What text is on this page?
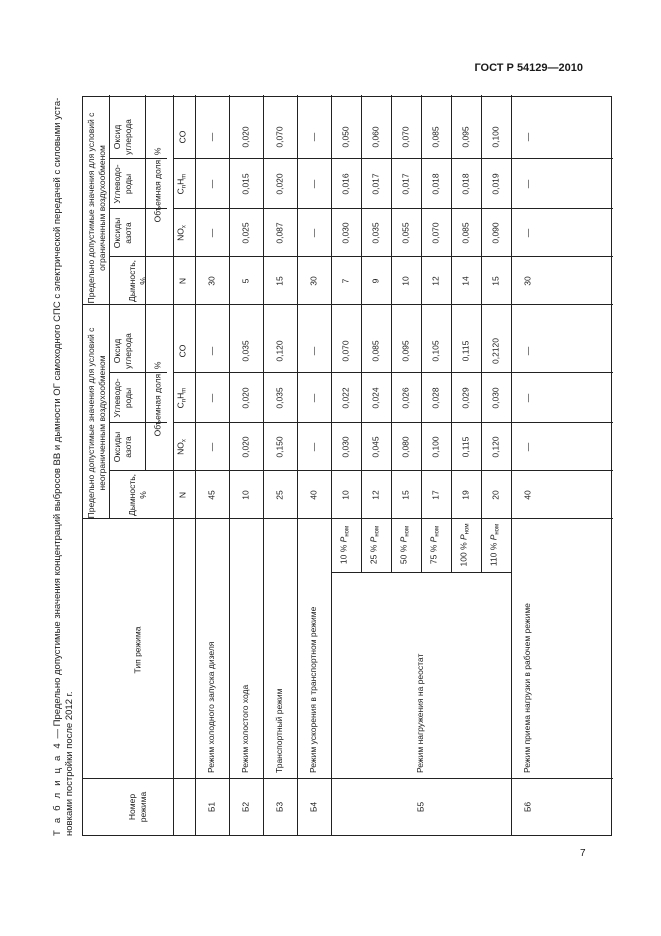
ГОСТ Р 54129—2010
7
Т а б л и ц а 4 — Предельно допустимые значения концентраций выбросов ВВ и дымности ОГ самоходного СПС с электрической передачей с силовыми уста-
новками постройки после 2012 г.	Номер режима
Тип режима
Предельно допустимые значения для условий с неограниченным воздухообменом
Предельно допустимые значения для условий с ограниченным воздухообменом
Дымность, %
Оксиды азота
Углеводо-роды
Оксид углерода
Объемная доля, %
Дымность, %
Оксиды азота
Углеводо-роды
Оксид углерода
Объемная доля, %
N
$NO_x$
$C_nH_m$
CO
N
$NO_x$
$C_nH_m$
CO
Б1
Режим холодного запуска дизеля
45
—
—
—
30
—
—
—
Б2
Режим холостого хода
10
0,020
0,020
0,035
5
0,025
0,015
0,020
Б3
Транспортный режим
25
0,150
0,035
0,120
15
0,087
0,020
0,070
Б4
Режим ускорения в транспортном режиме
40
—
—
—
30
—
—
—
10 % $P_{ном}$
10
0,030
0,022
0,070
7
0,030
0,016
0,050
25 % $P_{ном}$
12
0,045
0,024
0,085
9
0,035
0,017
0,060
50 % $P_{ном}$
15
0,080
0,026
0,095
10
0,055
0,017
0,070
75 % $P_{ном}$
17
0,100
0,028
0,105
12
0,070
0,018
0,085
100 % $P_{ном}$
19
0,115
0,029
0,115
14
0,085
0,018
0,095
110 % $P_{ном}$
20
0,120
0,030
0,2120
15
0,090
0,019
0,100
Б5
Режим нагружения на реостат
Б6
Режим приема нагрузки в рабочем режиме
40
—
—
—
30
—
—
—
